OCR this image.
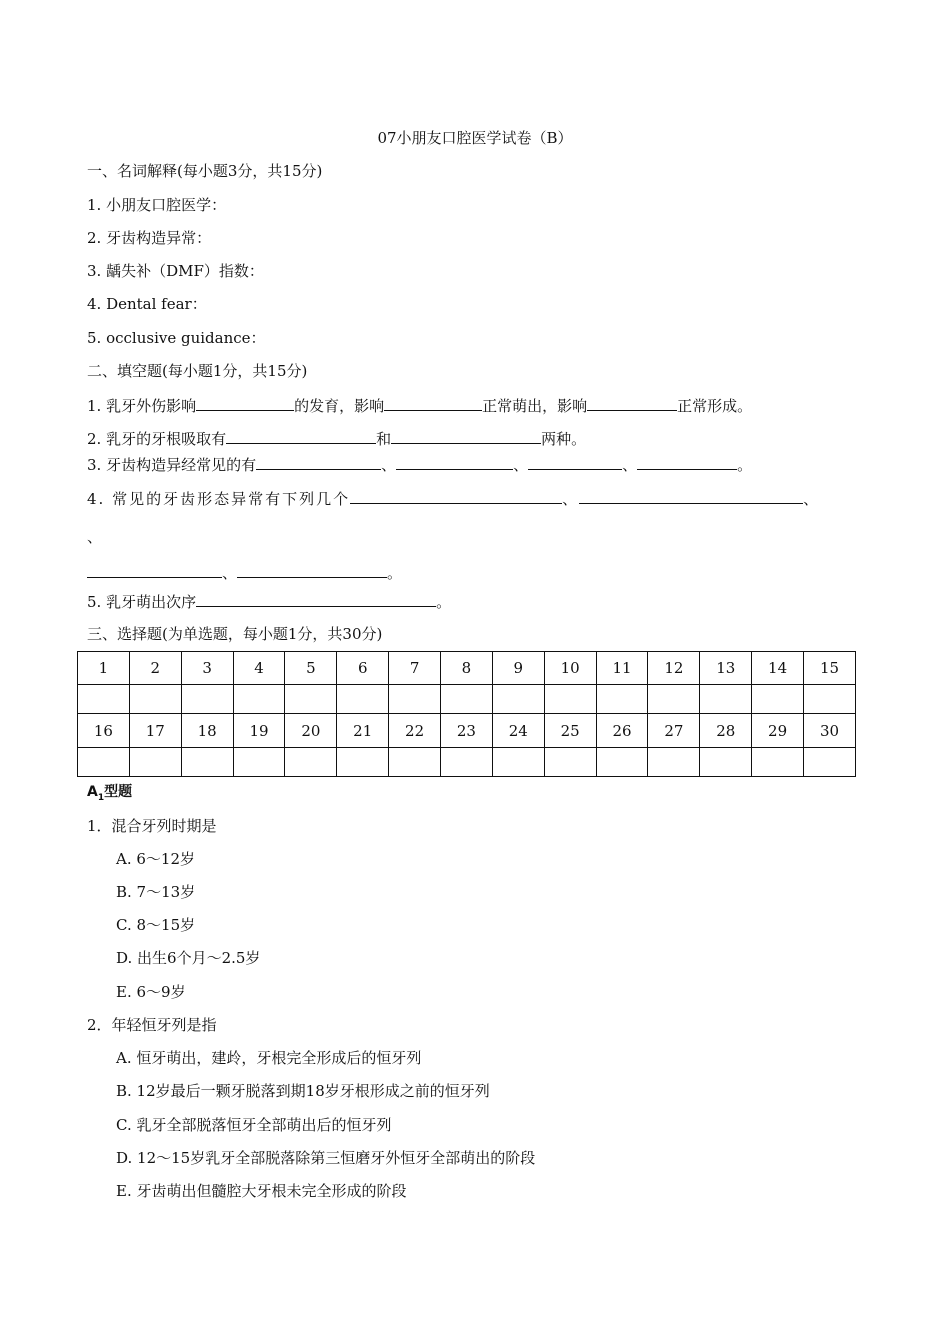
07小朋友口腔医学试卷（B）
一、名词解释(每小题3分，共15分)
1. 小朋友口腔医学：
2. 牙齿构造异常：
3. 龋失补（DMF）指数：
4. Dental fear：
5. occlusive guidance：
二、填空题(每小题1分，共15分)
1. 乳牙外伤影响	的发育，影响	正常萌出，影响	正常形成。
2. 乳牙的牙根吸取有	和	两种。
3. 牙齿构造异经常见的有	、	、	、	。
4. 常见的牙齿形态异常有下列几个	、	、
、
、	。
5. 乳牙萌出次序	。
三、选择题(为单选题，每小题1分，共30分)
1	2	3	4	5	6	7	8	9	10	11	12	13	14	15

16	17	18	19	20	21	22	23	24	25	26	27	28	29	30

$A_1$型题
1．混合牙列时期是
A. 6～12岁
B. 7～13岁
C. 8～15岁
D. 出生6个月～2.5岁
E. 6～9岁
2．年轻恒牙列是指
A. 恒牙萌出，建㱓，牙根完全形成后的恒牙列
B. 12岁最后一颗牙脱落到期18岁牙根形成之前的恒牙列
C. 乳牙全部脱落恒牙全部萌出后的恒牙列
D. 12～15岁乳牙全部脱落除第三恒磨牙外恒牙全部萌出的阶段
E. 牙齿萌出但髓腔大牙根未完全形成的阶段
